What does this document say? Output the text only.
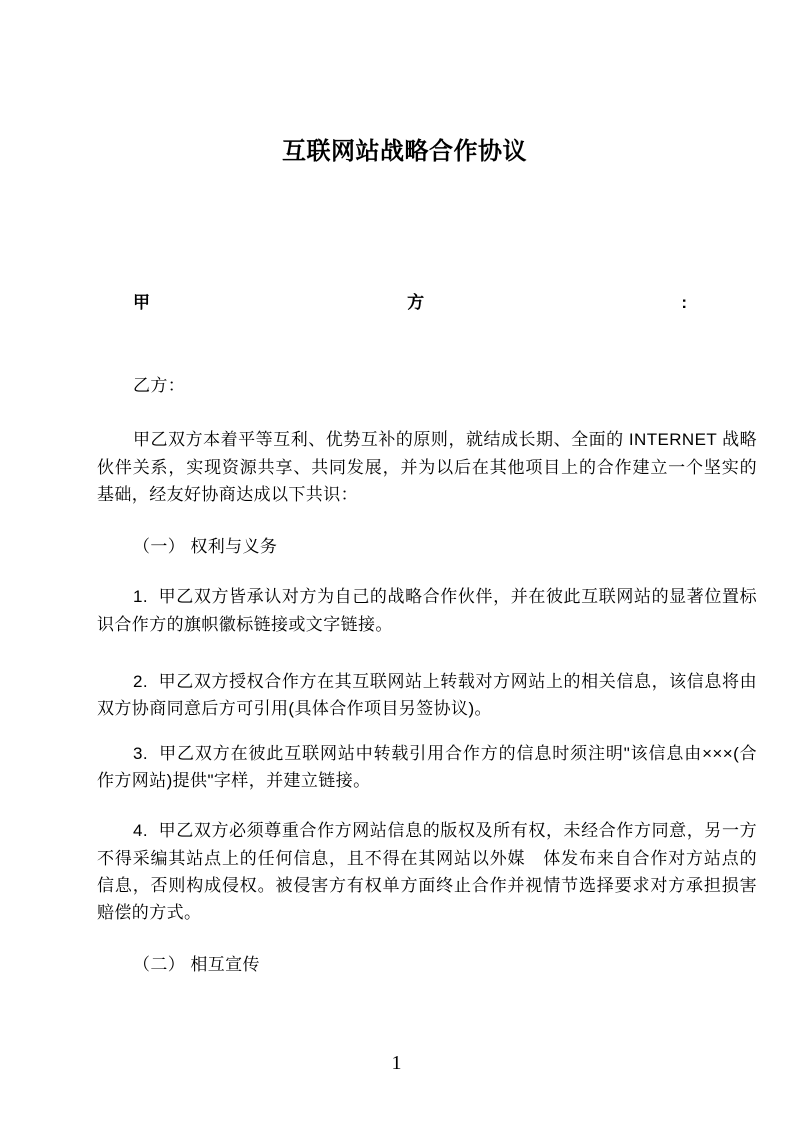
互联网站战略合作协议
甲	方	:

乙方：

甲乙双方本着平等互利、优势互补的原则，就结成长期、全面的 INTERNET 战略伙伴关系，实现资源共享、共同发展，并为以后在其他项目上的合作建立一个坚实的基础，经友好协商达成以下共识：

（一） 权利与义务

1.  甲乙双方皆承认对方为自己的战略合作伙伴，并在彼此互联网站的显著位置标识合作方的旗帜徽标链接或文字链接。

2.  甲乙双方授权合作方在其互联网站上转载对方网站上的相关信息，该信息将由双方协商同意后方可引用(具体合作项目另签协议)。

3.  甲乙双方在彼此互联网站中转载引用合作方的信息时须注明"该信息由×××(合作方网站)提供"字样，并建立链接。

4.  甲乙双方必须尊重合作方网站信息的版权及所有权，未经合作方同意，另一方不得采编其站点上的任何信息，且不得在其网站以外媒　体发布来自合作对方站点的信息，否则构成侵权。被侵害方有权单方面终止合作并视情节选择要求对方承担损害赔偿的方式。

（二） 相互宣传

1
